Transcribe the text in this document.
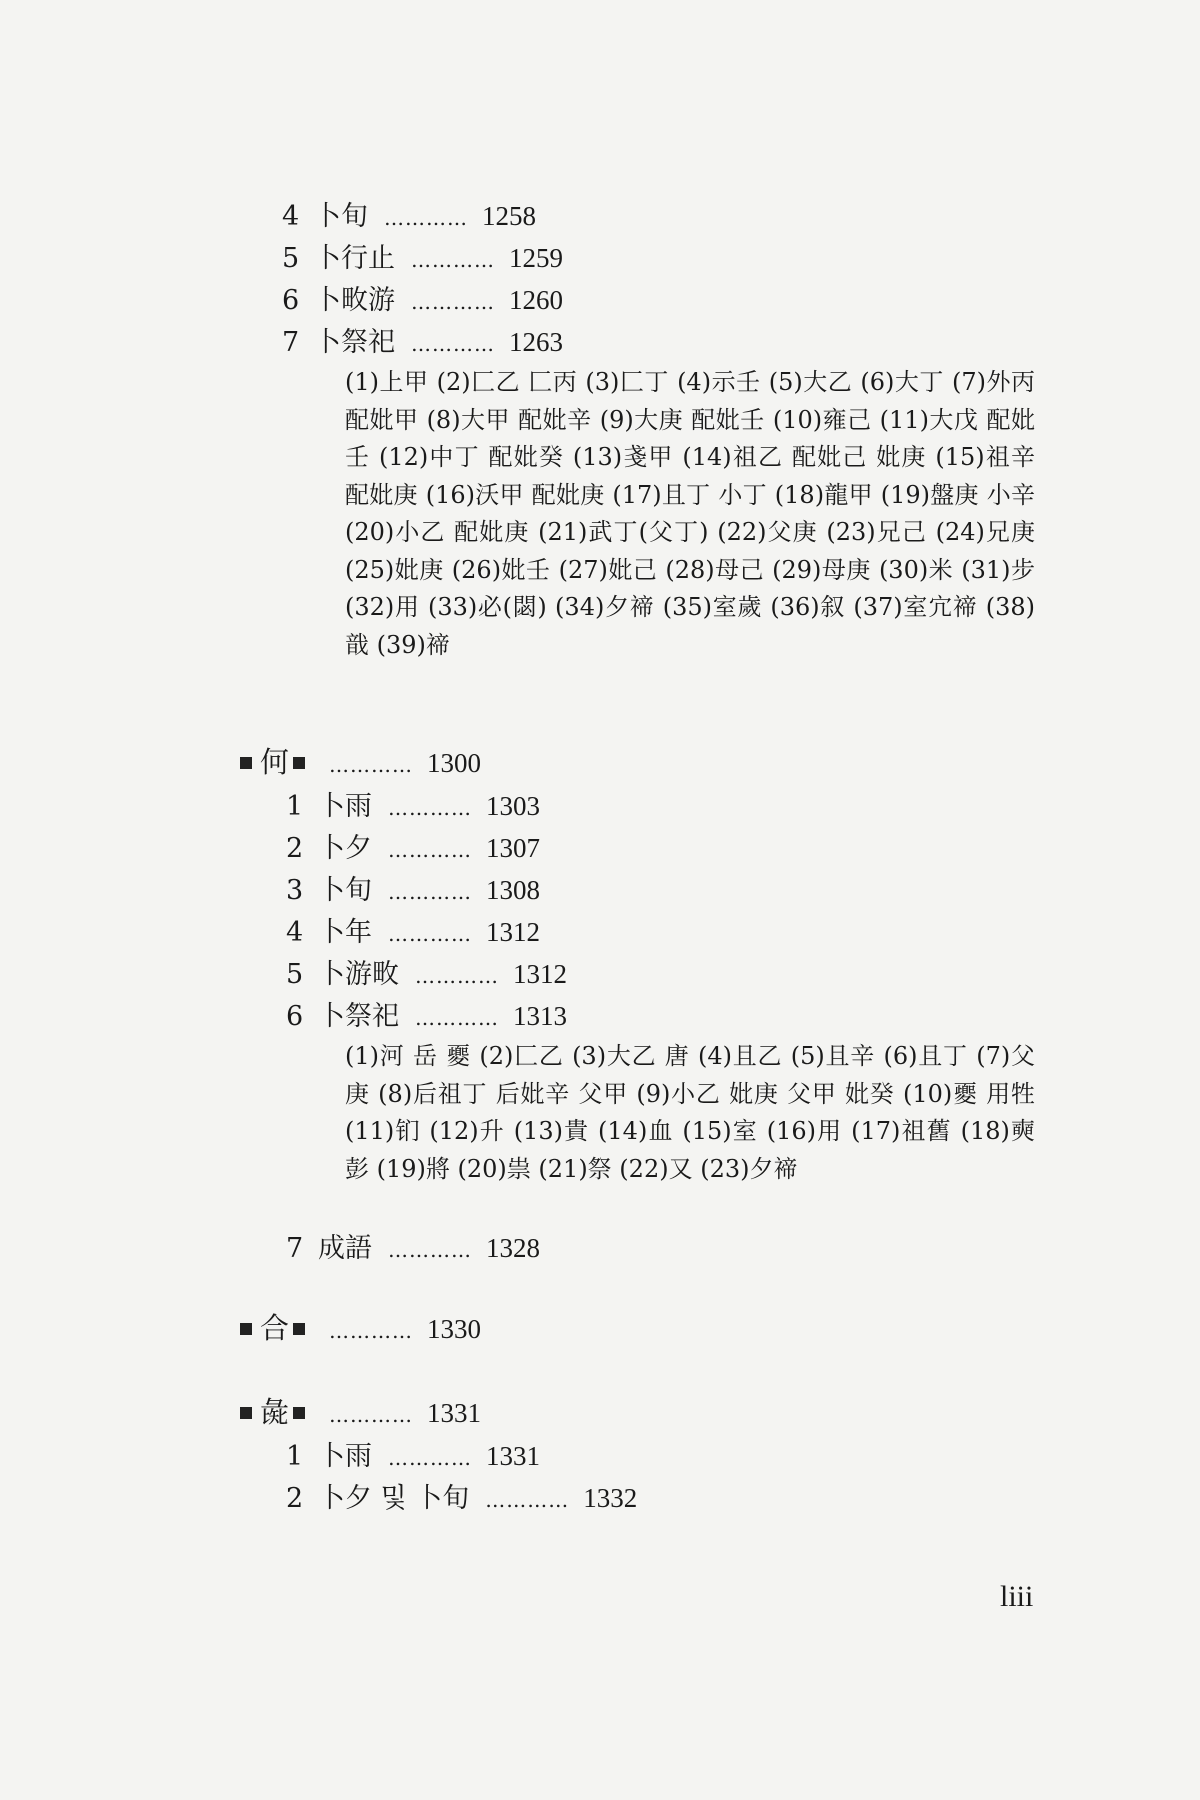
4 卜旬 ………… 1258
5 卜行止 ………… 1259
6 卜畋游 ………… 1260
7 卜祭祀 ………… 1263
(1)上甲 (2)匚乙 匚丙 (3)匚丁 (4)示壬 (5)大乙 (6)大丁 (7)外丙 配妣甲 (8)大甲 配妣辛 (9)大庚 配妣壬 (10)雍己 (11)大戊 配妣壬 (12)中丁 配妣癸 (13)戔甲 (14)祖乙 配妣己 妣庚 (15)祖辛 配妣庚 (16)沃甲 配妣庚 (17)且丁 小丁 (18)龍甲 (19)盤庚 小辛 (20)小乙 配妣庚 (21)武丁(父丁) (22)父庚 (23)兄己 (24)兄庚 (25)妣庚 (26)妣壬 (27)妣己 (28)母己 (29)母庚 (30)米 (31)步 (32)用 (33)必(閟) (34)夕禘 (35)室歲 (36)叙 (37)室宂禘 (38)戠 (39)禘
何 ………… 1300
1 卜雨 ………… 1303
2 卜夕 ………… 1307
3 卜旬 ………… 1308
4 卜年 ………… 1312
5 卜游畋 ………… 1312
6 卜祭祀 ………… 1313
(1)河 岳 夒 (2)匚乙 (3)大乙 唐 (4)且乙 (5)且辛 (6)且丁 (7)父庚 (8)后祖丁 后妣辛 父甲 (9)小乙 妣庚 父甲 妣癸 (10)夒 用牲 (11)钔 (12)升 (13)貴 (14)血 (15)室 (16)用 (17)祖舊 (18)奭 彭 (19)將 (20)祟 (21)祭 (22)又 (23)夕禘
7 成語 ………… 1328
合 ………… 1330
彘 ………… 1331
1 卜雨 ………… 1331
2 卜夕 및 卜旬 ………… 1332
liii
